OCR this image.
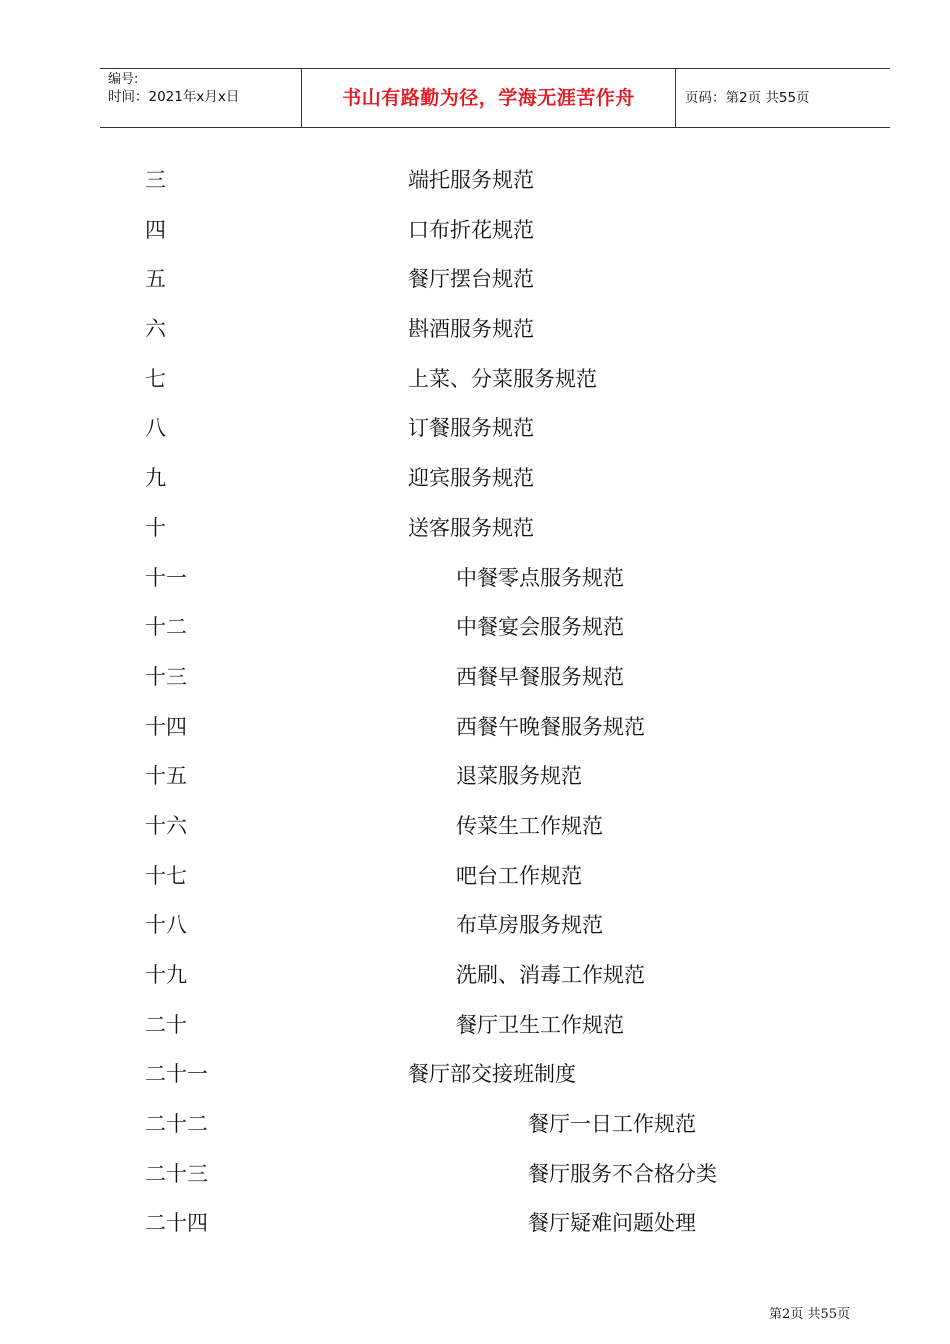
编号:
时间：2021年x月x日	书山有路勤为径，学海无涯苦作舟	页码：第2页 共55页
三	端托服务规范
四	口布折花规范
五	餐厅摆台规范
六	斟酒服务规范
七	上菜、分菜服务规范
八	订餐服务规范
九	迎宾服务规范
十	送客服务规范
十一	中餐零点服务规范
十二	中餐宴会服务规范
十三	西餐早餐服务规范
十四	西餐午晚餐服务规范
十五	退菜服务规范
十六	传菜生工作规范
十七	吧台工作规范
十八	布草房服务规范
十九	洗刷、消毒工作规范
二十	餐厅卫生工作规范
二十一	餐厅部交接班制度
二十二	餐厅一日工作规范
二十三	餐厅服务不合格分类
二十四	餐厅疑难问题处理
第2页 共55页
